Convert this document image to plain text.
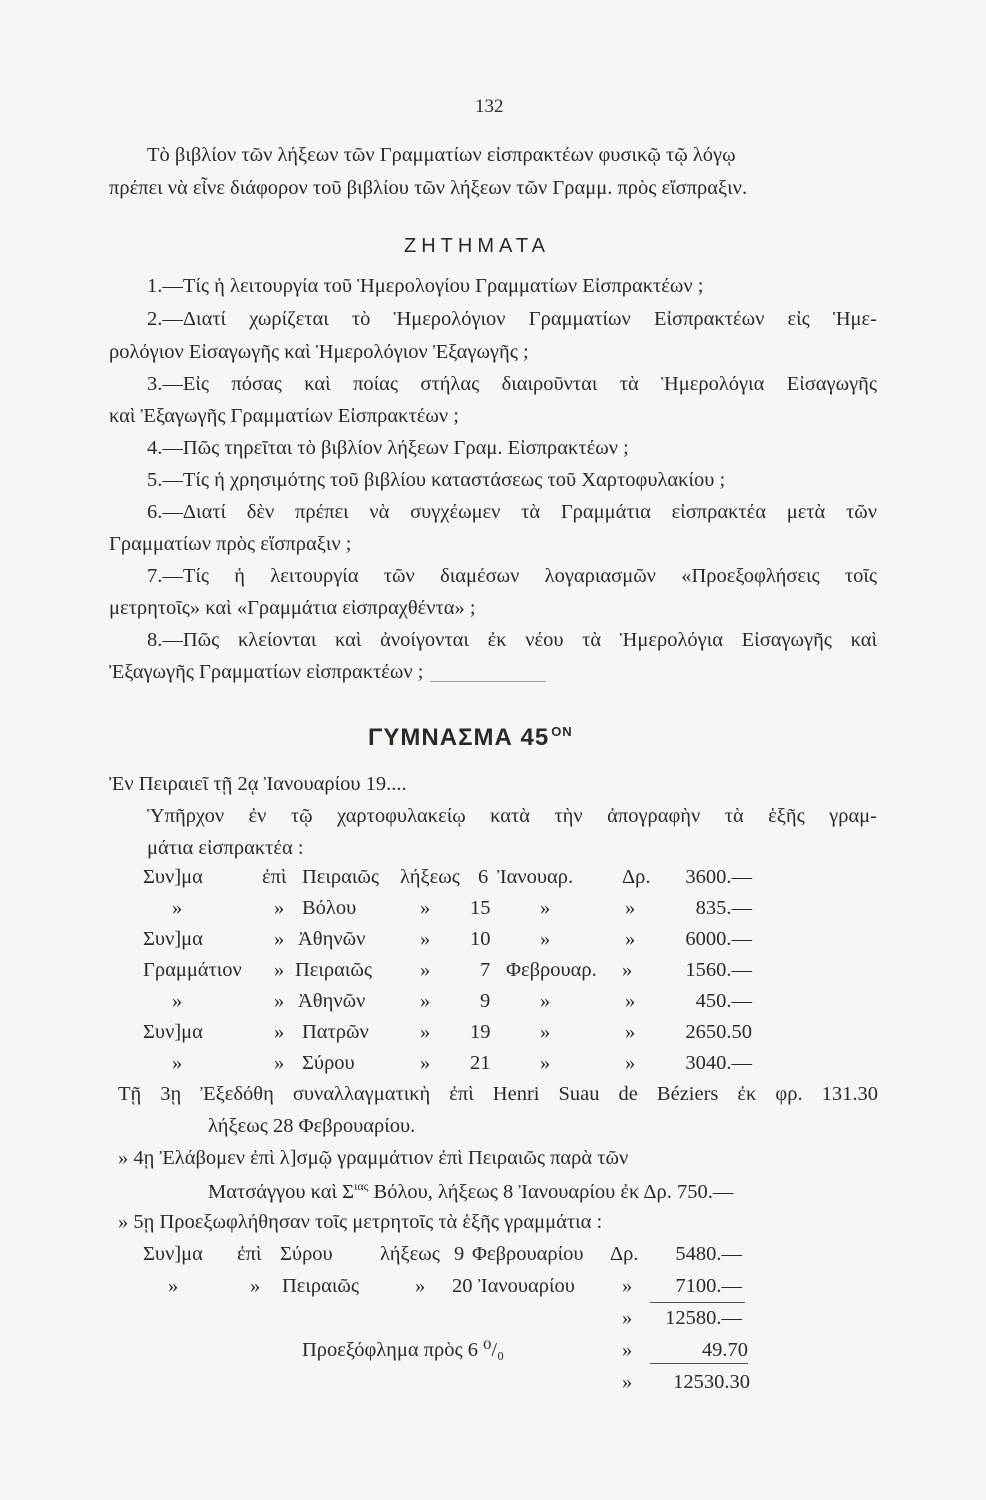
132
Τὸ βιβλίον τῶν λήξεων τῶν Γραμματίων εἰσπρακτέων φυσικῷ τῷ λόγῳ
πρέπει νὰ εἶνε διάφορον τοῦ βιβλίου τῶν λήξεων τῶν Γραμμ. πρὸς εἴσπραξιν.
ΖΗΤΗΜΑΤΑ
1.—Τίς ἡ λειτουργία τοῦ Ἡμερολογίου Γραμματίων Εἰσπρακτέων ;
2.—Διατί χωρίζεται τὸ Ἡμερολόγιον Γραμματίων Εἰσπρακτέων εἰς Ἡμε-
ρολόγιον Εἰσαγωγῆς καὶ Ἡμερολόγιον Ἐξαγωγῆς ;
3.—Εἰς πόσας καὶ ποίας στήλας διαιροῦνται τὰ Ἡμερολόγια Εἰσαγωγῆς
καὶ Ἐξαγωγῆς Γραμματίων Εἰσπρακτέων ;
4.—Πῶς τηρεῖται τὸ βιβλίον λήξεων Γραμ. Εἰσπρακτέων ;
5.—Τίς ἡ χρησιμότης τοῦ βιβλίου καταστάσεως τοῦ Χαρτοφυλακίου ;
6.—Διατί δὲν πρέπει νὰ συγχέωμεν τὰ Γραμμάτια εἰσπρακτέα μετὰ τῶν
Γραμματίων πρὸς εἴσπραξιν ;
7.—Τίς ἡ λειτουργία τῶν διαμέσων λογαριασμῶν «Προεξοφλήσεις τοῖς
μετρητοῖς» καὶ «Γραμμάτια εἰσπραχθέντα» ;
8.—Πῶς κλείονται καὶ ἀνοίγονται ἐκ νέου τὰ Ἡμερολόγια Εἰσαγωγῆς καὶ
Ἐξαγωγῆς Γραμματίων εἰσπρακτέων ;
ΓΥΜΝΑΣΜΑ 45 $^{ON}$
Ἐν Πειραιεῖ τῇ 2ᾳ Ἰανουαρίου 19....
Ὑπῆρχον ἐν τῷ χαρτοφυλακείῳ κατὰ τὴν ἀπογραφὴν τὰ ἑξῆς γραμ-
μάτια εἰσπρακτέα :
Συν]μα	ἐπὶ Πειραιῶς λήξεως 6 Ἰανουαρ. Δρ.	3600.—
»	» Βόλου	» 15 »	»	835.—
Συν]μα	» Ἀθηνῶν	» 10 »	»	6000.—
Γραμμάτιον » Πειραιῶς » 7 Φεβρουαρ. »	1560.—
»	» Ἀθηνῶν	» 9 »	»	450.—
Συν]μα	» Πατρῶν » 19 »	»	2650.50
»	» Σύρου	» 21 »	»	3040.—
Τῇ 3ῃ Ἐξεδόθη συναλλαγματικὴ ἐπὶ Henri Suau de Béziers ἐκ φρ. 131.30
λήξεως 28 Φεβρουαρίου.
» 4ῃ Ἐλάβομεν ἐπὶ λ]σμῷ γραμμάτιον ἐπὶ Πειραιῶς παρὰ τῶν
Ματσάγγου καὶ $\Sigma^{\iota\alpha\varsigma}$ Βόλου, λήξεως 8 Ἰανουαρίου ἐκ Δρ. 750.—
» 5ῃ Προεξωφλήθησαν τοῖς μετρητοῖς τὰ ἑξῆς γραμμάτια :
Συν]μα ἐπὶ Σύρου λήξεως 9 Φεβρουαρίου Δρ.	5480.—
»	» Πειραιῶς	» 20 Ἰανουαρίου »	7100.—
»	12580.—
Προεξόφλημα πρὸς 6 ⁰/₀	»	49.70
»	12530.30
